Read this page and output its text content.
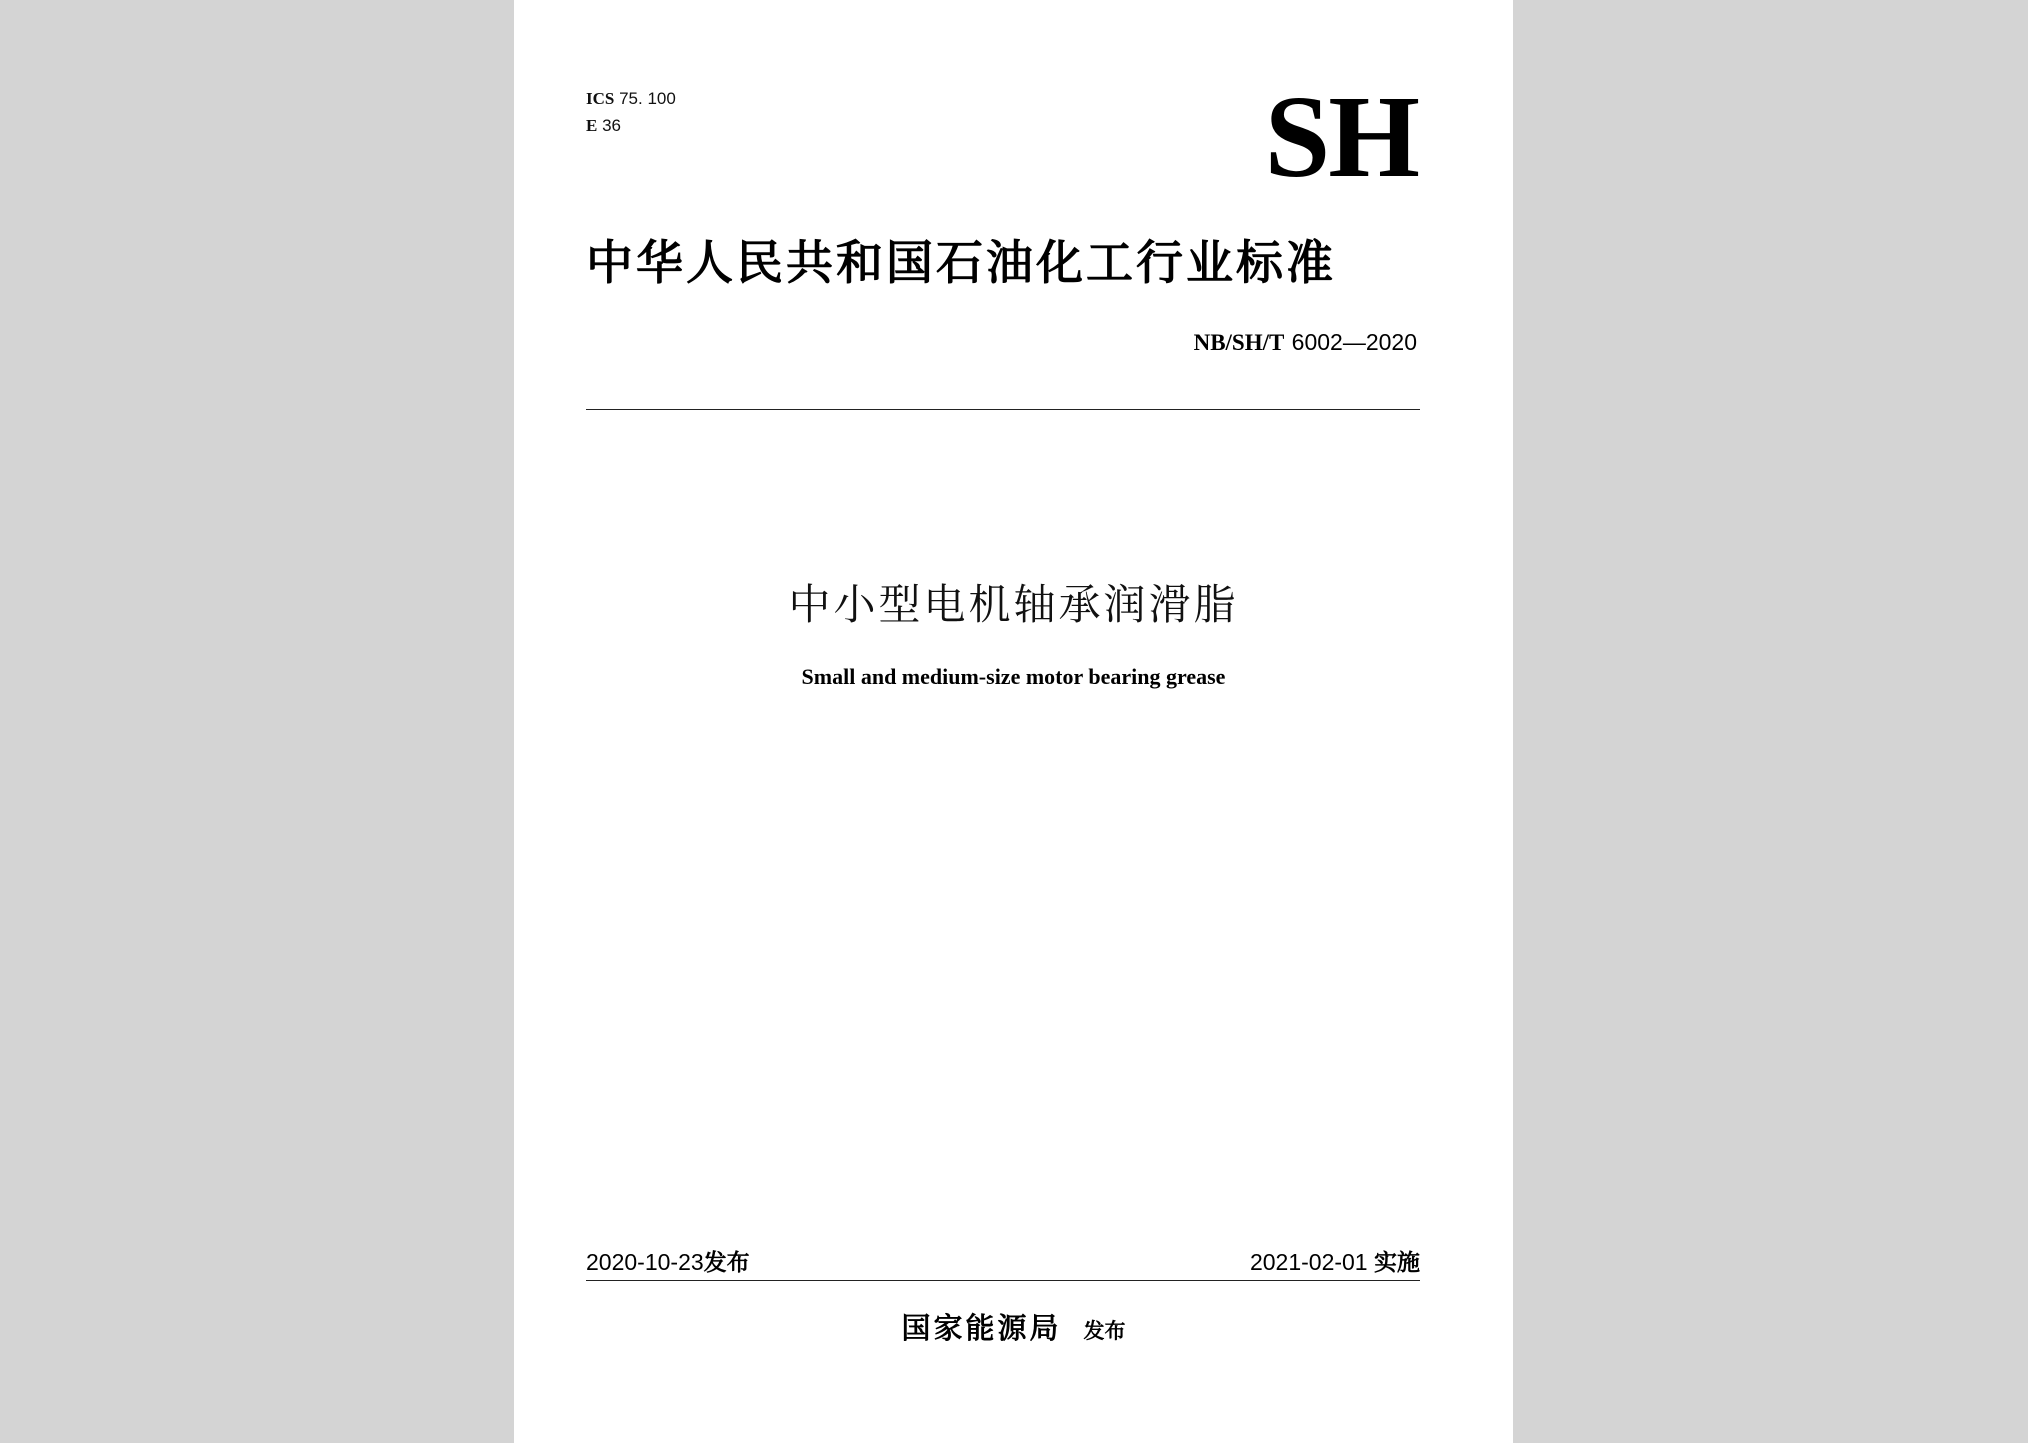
ICS 75. 100
E 36	SH
中华人民共和国石油化工行业标准
NB/SH/T 6002—2020
中小型电机轴承润滑脂
Small and medium-size motor bearing grease
2020-10-23发布	2021-02-01 实施
国家能源局 发布
